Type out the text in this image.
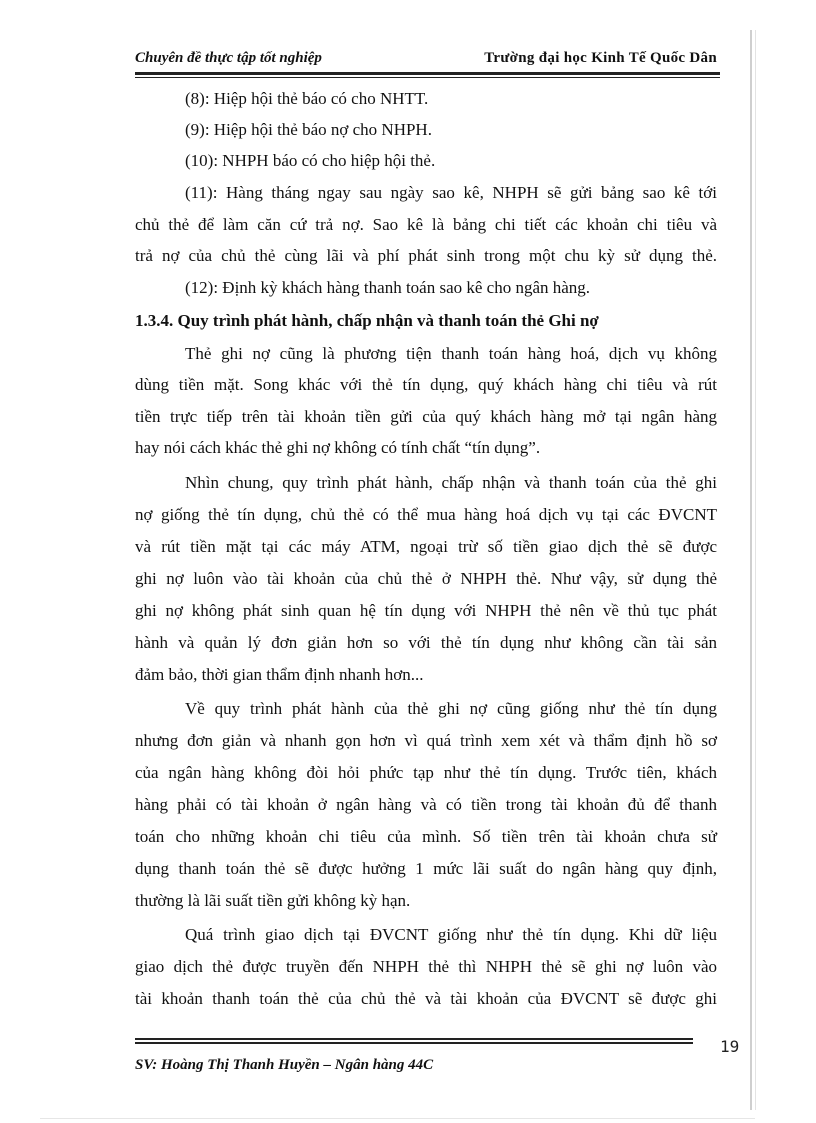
Chuyên đề thực tập tốt nghiệp	Trường đại học Kinh Tế Quốc Dân
(8): Hiệp hội thẻ báo có cho NHTT.
(9): Hiệp hội thẻ báo nợ cho NHPH.
(10): NHPH báo có cho hiệp hội thẻ.
(11): Hàng tháng ngay sau ngày sao kê, NHPH sẽ gửi bảng sao kê tới
chủ thẻ để làm căn cứ trả nợ. Sao kê là bảng chi tiết các khoản chi tiêu và
trả nợ của chủ thẻ cùng lãi và phí phát sinh trong một chu kỳ sử dụng thẻ.
(12): Định kỳ khách hàng thanh toán sao kê cho ngân hàng.
1.3.4. Quy trình phát hành, chấp nhận và thanh toán thẻ Ghi nợ
Thẻ ghi nợ cũng là phương tiện thanh toán hàng hoá, dịch vụ không
dùng tiền mặt. Song khác với thẻ tín dụng, quý khách hàng chi tiêu và rút
tiền trực tiếp trên tài khoản tiền gửi của quý khách hàng mở tại ngân hàng
hay nói cách khác thẻ ghi nợ không có tính chất “tín dụng”.
Nhìn chung, quy trình phát hành, chấp nhận và thanh toán của thẻ ghi
nợ giống thẻ tín dụng, chủ thẻ có thể mua hàng hoá dịch vụ tại các ĐVCNT
và rút tiền mặt tại các máy ATM, ngoại trừ số tiền giao dịch thẻ sẽ được
ghi nợ luôn vào tài khoản của chủ thẻ ở NHPH thẻ. Như vậy, sử dụng thẻ
ghi nợ không phát sinh quan hệ tín dụng với NHPH thẻ nên về thủ tục phát
hành và quản lý đơn giản hơn so với thẻ tín dụng như không cần tài sản
đảm bảo, thời gian thẩm định nhanh hơn...
Về quy trình phát hành của thẻ ghi nợ cũng giống như thẻ tín dụng
nhưng đơn giản và nhanh gọn hơn vì quá trình xem xét và thẩm định hồ sơ
của ngân hàng không đòi hỏi phức tạp như thẻ tín dụng. Trước tiên, khách
hàng phải có tài khoản ở ngân hàng và có tiền trong tài khoản đủ để thanh
toán cho những khoản chi tiêu của mình. Số tiền trên tài khoản chưa sử
dụng thanh toán thẻ sẽ được hưởng 1 mức lãi suất do ngân hàng quy định,
thường là lãi suất tiền gửi không kỳ hạn.
Quá trình giao dịch tại ĐVCNT giống như thẻ tín dụng. Khi dữ liệu
giao dịch thẻ được truyền đến NHPH thẻ thì NHPH thẻ sẽ ghi nợ luôn vào
tài khoản thanh toán thẻ của chủ thẻ và tài khoản của ĐVCNT sẽ được ghi
19
SV: Hoàng Thị Thanh Huyền – Ngân hàng 44C
